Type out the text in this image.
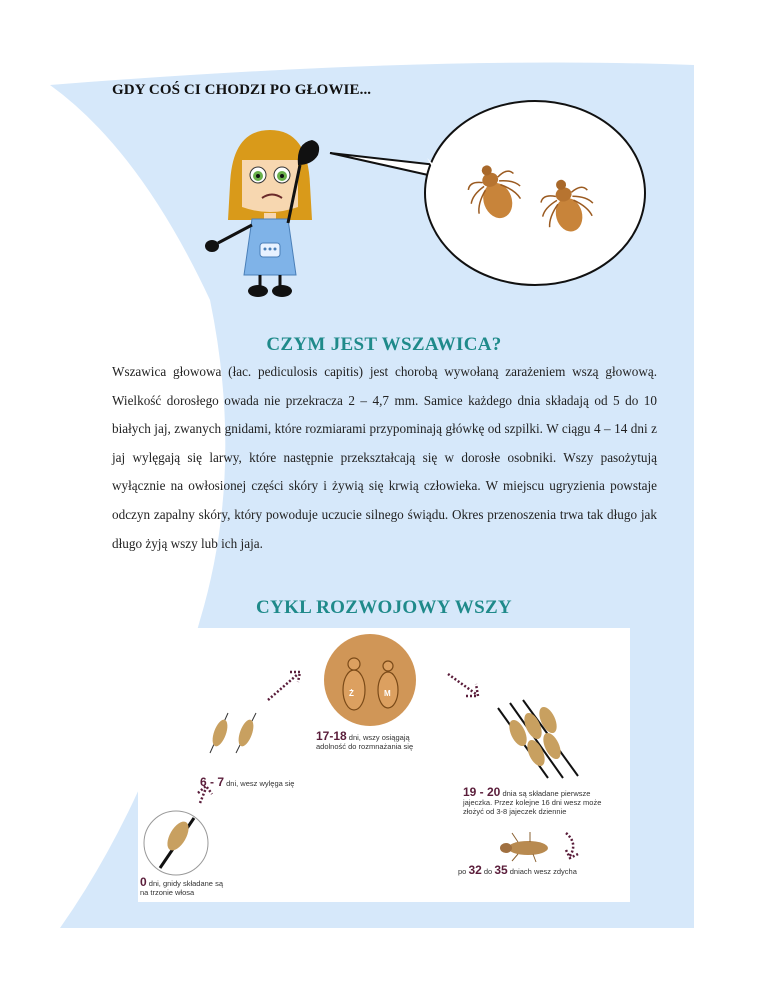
GDY COŚ CI CHODZI PO GŁOWIE...
CZYM JEST WSZAWICA?

Wszawica głowowa (łac. pediculosis capitis) jest chorobą wywołaną zarażeniem wszą głowową. Wielkość dorosłego owada nie przekracza 2 – 4,7 mm. Samice każdego dnia składają od 5 do 10 białych jaj, zwanych gnidami, które rozmiarami przypominają główkę od szpilki. W ciągu 4 – 14 dni z jaj wylęgają się larwy, które następnie przekształcają się w dorosłe osobniki. Wszy pasożytują wyłącznie na owłosionej części skóry i żywią się krwią człowieka. W miejscu ugryzienia powstaje odczyn zapalny skóry, który powoduje uczucie silnego świądu. Okres przenoszenia trwa tak długo jak długo żyją wszy lub ich jaja.

CYKL ROZWOJOWY WSZY
Ż	M
17-18 dni, wszy osiągają
adolność do rozmnażania się
6 - 7 dni, wesz wylęga się
19 - 20 dnia są składane pierwsze
jajeczka. Przez kolejne 16 dni wesz może
złożyć od 3-8 jajeczek dziennie
po 32 do 35 dniach wesz zdycha
0 dni, gnidy składane są
na trzonie włosa
